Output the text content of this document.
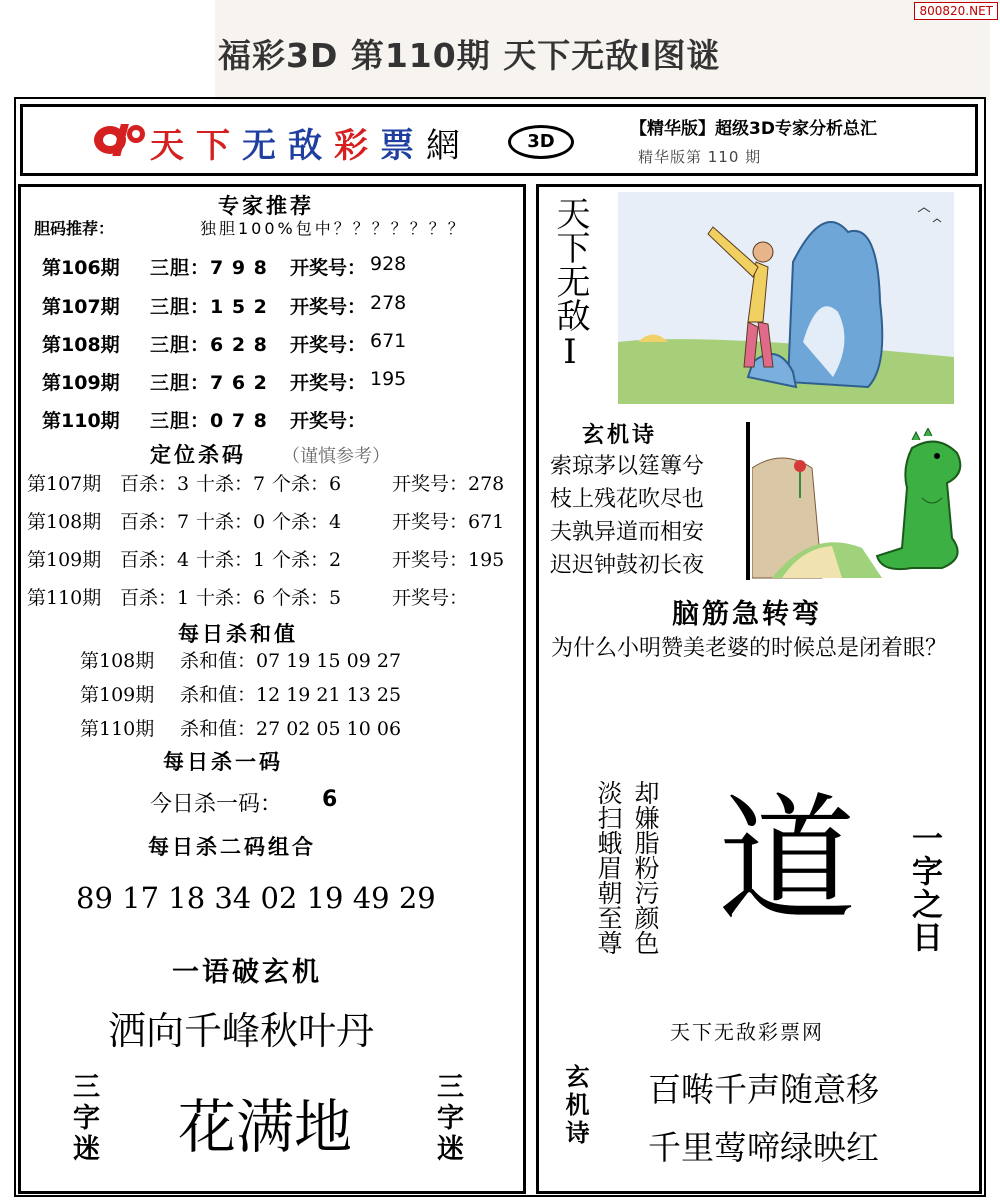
800820.NET
福彩3D 第110期 天下无敌Ⅰ图谜
天下无敌彩票網	3D
【精华版】超级3D专家分析总汇
精华版第 110 期
专家推荐
胆码推荐：	独胆100%包中？？？？？？？
第106期 三胆：7 9 8 开奖号： 928
第107期 三胆：1 5 2 开奖号： 278
第108期 三胆：6 2 8 开奖号： 671
第109期 三胆：7 6 2 开奖号： 195
第110期 三胆：0 7 8 开奖号：
定位杀码 （谨慎参考）
第107期 百杀：3 十杀：7 个杀：6	开奖号：278
第108期 百杀：7 十杀：0 个杀：4	开奖号：671
第109期 百杀：4 十杀：1 个杀：2	开奖号：195
第110期 百杀：1 十杀：6 个杀：5	开奖号：
每日杀和值
第108期 杀和值：07 19 15 09 27
第109期 杀和值：12 19 21 13 25
第110期 杀和值：27 02 05 10 06
每日杀一码
今日杀一码： 6
每日杀二码组合
89 17 18 34 02 19 49 29
一语破玄机
洒向千峰秋叶丹
三字迷 花满地	三字迷
天下无敌Ⅰ
玄机诗
索琼茅以筳篿兮
枝上残花吹尽也
夫孰异道而相安
迟迟钟鼓初长夜
脑筋急转弯
为什么小明赞美老婆的时候总是闭着眼？
却嫌脂粉污颜色
淡扫蛾眉朝至尊 道 一字之日
天下无敌彩票网
玄机诗 百啭千声随意移
千里莺啼绿映红
